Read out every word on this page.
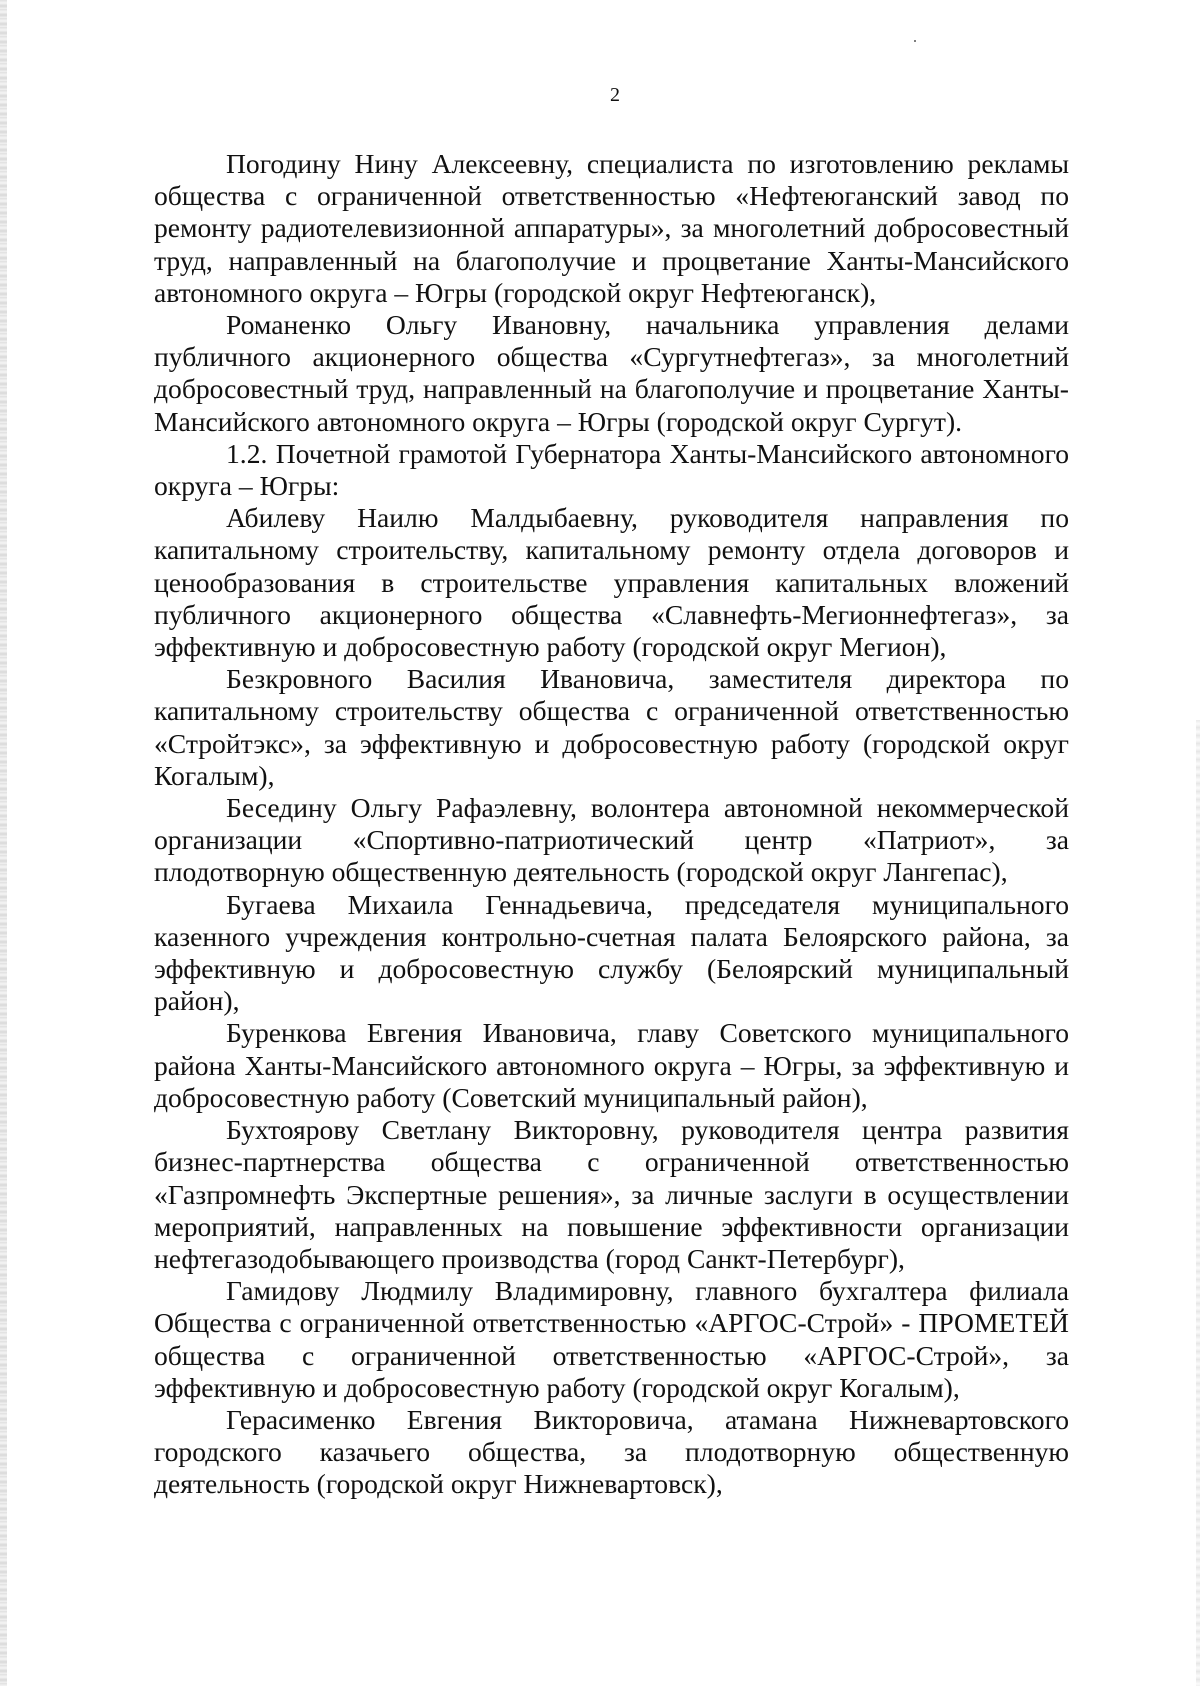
2

Погодину Нину Алексеевну, специалиста по изготовлению рекламы общества с ограниченной ответственностью «Нефтеюганский завод по ремонту радиотелевизионной аппаратуры», за многолетний добросовестный труд, направленный на благополучие и процветание Ханты-Мансийского автономного округа – Югры (городской округ Нефтеюганск),

Романенко Ольгу Ивановну, начальника управления делами публичного акционерного общества «Сургутнефтегаз», за многолетний добросовестный труд, направленный на благополучие и процветание Ханты-Мансийского автономного округа – Югры (городской округ Сургут).

1.2. Почетной грамотой Губернатора Ханты-Мансийского автономного округа – Югры:

Абилеву Наилю Малдыбаевну, руководителя направления по капитальному строительству, капитальному ремонту отдела договоров и ценообразования в строительстве управления капитальных вложений публичного акционерного общества «Славнефть-Мегионнефтегаз», за эффективную и добросовестную работу (городской округ Мегион),

Безкровного Василия Ивановича, заместителя директора по капитальному строительству общества с ограниченной ответственностью «Стройтэкс», за эффективную и добросовестную работу (городской округ Когалым),

Беседину Ольгу Рафаэлевну, волонтера автономной некоммерческой организации «Спортивно-патриотический центр «Патриот», за плодотворную общественную деятельность (городской округ Лангепас),

Бугаева Михаила Геннадьевича, председателя муниципального казенного учреждения контрольно-счетная палата Белоярского района, за эффективную и добросовестную службу (Белоярский муниципальный район),

Буренкова Евгения Ивановича, главу Советского муниципального района Ханты-Мансийского автономного округа – Югры, за эффективную и добросовестную работу (Советский муниципальный район),

Бухтоярову Светлану Викторовну, руководителя центра развития бизнес-партнерства общества с ограниченной ответственностью «Газпромнефть Экспертные решения», за личные заслуги в осуществлении мероприятий, направленных на повышение эффективности организации нефтегазодобывающего производства (город Санкт-Петербург),

Гамидову Людмилу Владимировну, главного бухгалтера филиала Общества с ограниченной ответственностью «АРГОС-Строй» - ПРОМЕТЕЙ общества с ограниченной ответственностью «АРГОС-Строй», за эффективную и добросовестную работу (городской округ Когалым),

Герасименко Евгения Викторовича, атамана Нижневартовского городского казачьего общества, за плодотворную общественную деятельность (городской округ Нижневартовск),
